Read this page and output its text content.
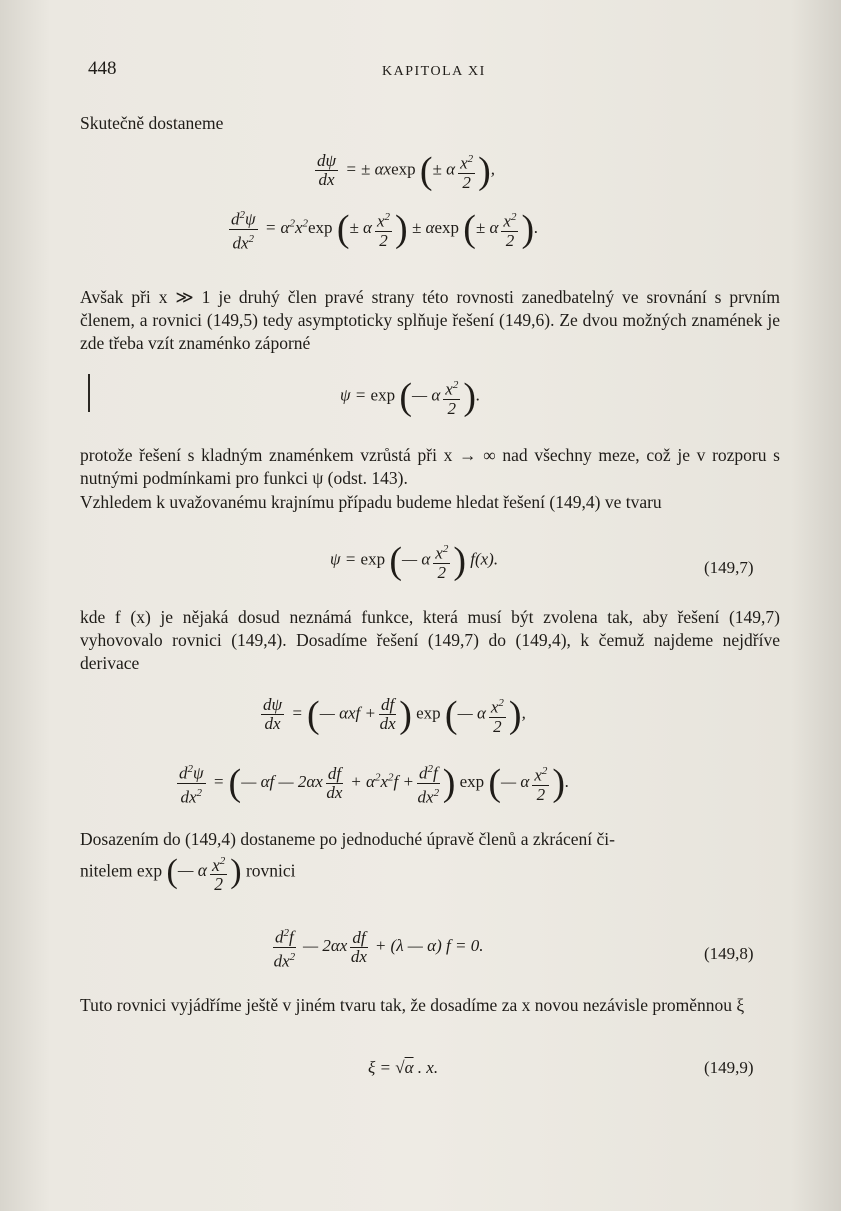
448	KAPITOLA XI
Skutečně dostaneme
$\frac{d\psi}{dx}$ = ± αxexp (± α $\frac{x^2}{2}$ ),
$\frac{d^2\psi}{dx^2} = \alpha^2x^2\exp$ (± α $\frac{x^2}{2}$ ) ± αexp (± α $\frac{x^2}{2}$ ).
Avšak při x ≫ 1 je druhý člen pravé strany této rovnosti zanedbatelný ve srovnání s prvním členem, a rovnici (149,5) tedy asymptoticky splňuje řešení (149,6). Ze dvou možných znamének je zde třeba vzít znaménko záporné
ψ = exp (— α $\frac{x^2}{2}$ ).
protože řešení s kladným znaménkem vzrůstá při x → ∞ nad všechny meze, což je v rozporu s nutnými podmínkami pro funkci ψ (odst. 143).
Vzhledem k uvažovanému krajnímu případu budeme hledat řešení (149,4) ve tvaru
ψ = exp (— α $\frac{x^2}{2}$ ) f(x).	(149,7)
kde f (x) je nějaká dosud neznámá funkce, která musí být zvolena tak, aby řešení (149,7) vyhovovalo rovnici (149,4). Dosadíme řešení (149,7) do (149,4), k čemuž najdeme nejdříve derivace
$\frac{d\psi}{dx}$ = (— $\alpha xf + \frac{df}{dx}$ ) exp (— α $\frac{x^2}{2}$ ),
$\frac{d^2\psi}{dx^2}$ = (— αf — $2\alpha x \frac{df}{dx} + \alpha^2x^2f + \frac{d^2f}{dx^2}$ ) exp (— α $\frac{x^2}{2}$ ).
Dosazením do (149,4) dostaneme po jednoduché úpravě členů a zkrácení či-
nitelem exp (— α $\frac{x^2}{2}$ ) rovnici
$\frac{d^2f}{dx^2}$ — $2\alpha x \frac{df}{dx} + (\lambda$ — α) f = 0.	(149,8)
Tuto rovnici vyjádříme ještě v jiném tvaru tak, že dosadíme za x novou nezávisle proměnnou ξ
ξ = √α . x.	(149,9)
